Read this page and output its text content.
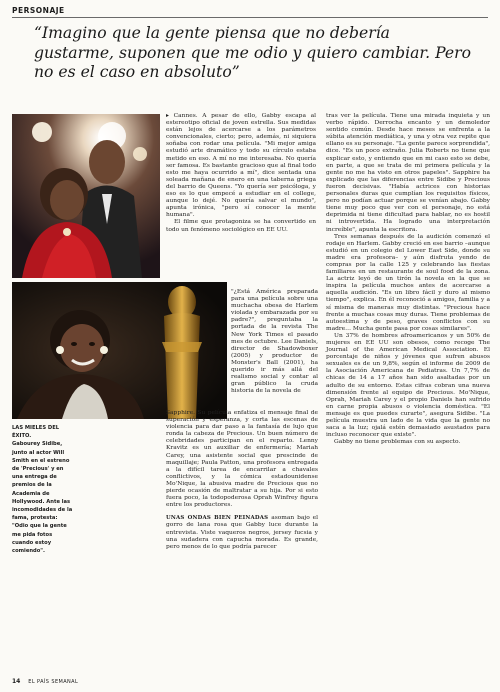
PERSONAJE
“Imagino que la gente piensa que no debería gustarme, suponen que me odio y quiero cambiar. Pero no es el caso en absoluto”
LAS MIELES DEL ÉXITO.
Gabourey Sidibe, junto al actor Will Smith en el estreno de 'Precious' y en una entrega de premios de la Academia de Hollywood. Ante las incomodidades de la fama, protesta: "Odio que la gente me pida fotos cuando estoy comiendo".

▸ Cannes. A pesar de ello, Gabby escapa al estereotipo oficial de joven estrella. Sus medidas están lejos de acercarse a los parámetros convencionales, cierto; pero, además, ni siquiera soñaba con rodar una película. "Mi mejor amiga estudió arte dramático y todo su círculo estaba metido en eso. A mí no me interesaba. No quería ser famosa. Es bastante gracioso que al final todo esto me haya ocurrido a mí", dice sentada una soleada mañana de enero en una taberna griega del barrio de Queens. "Yo quería ser psicóloga, y eso es lo que empecé a estudiar en el college, aunque lo dejé. No quería salvar el mundo", apunta irónica, "pero sí conocer la mente humana".

El filme que protagoniza se ha convertido en todo un fenómeno sociológico en EE UU.

"¿Está América preparada para una película sobre una muchacha obesa de Harlem violada y embarazada por su padre?", preguntaba la portada de la revista The New York Times el pasado mes de octubre. Lee Daniels, director de Shadowboxer (2005) y productor de Monster's Ball (2001), ha querido ir más allá del realismo social y contar al gran público la cruda historia de la novela de

Sapphire. Su película enfatiza el mensaje final de superación y esperanza, y corta las escenas de violencia para dar paso a la fantasía de lujo que ronda la cabeza de Precious. Un buen número de celebridades participan en el reparto. Lenny Kravitz es un auxiliar de enfermería; Mariah Carey, una asistente social que prescinde de maquillaje; Paula Patton, una profesora entregada a la difícil tarea de encarrilar a chavales conflictivos, y la cómica estadounidense Mo'Nique, la abusiva madre de Precious que no pierde ocasión de maltratar a su hija. Por si esto fuera poco, la todopoderosa Oprah Winfrey figura entre los productores.

UNAS ONDAS BIEN PEINADAS asoman bajo el gorro de lana rosa que Gabby luce durante la entrevista. Viste vaqueros negros, jersey fucsia y una sudadera con capucha morada. Es grande, pero menos de lo que podría parecer

tras ver la película. Tiene una mirada inquieta y un verbo rápido. Derrocha encanto y un demoledor sentido común. Desde hace meses se enfrenta a la súbita atención mediática, y una y otra vez repite que ellano es su personaje. "La gente parece sorprendida", dice. "Es un poco extraño. Julia Roberts no tiene que explicar esto, y entiendo que en mi caso esto se debe, en parte, a que se trata de mi primera película y la gente no me ha visto en otros papeles". Sapphire ha explicado que las diferencias entre Sidibe y Precious fueron decisivas. "Había actrices con historias personales duras que cumplían los requisitos físicos, pero no podían actuar porque se venían abajo. Gabby tiene muy poco que ver con el personaje, no está deprimida ni tiene dificultad para hablar, no es hostil ni introvertida. Ha logrado una interpretación increíble", apunta la escritora.

Tres semanas después de la audición comenzó el rodaje en Harlem. Gabby creció en ese barrio –aunque estudió en un colegio del Lower East Side, donde su madre era profesora– y aún disfruta yendo de compras por la calle 125 y celebrando las fiestas familiares en un restaurante de soul food de la zona. La actriz leyó de un tirón la novela en la que se inspira la película muchos antes de acercarse a aquella audición. "Es un libro fácil y duro al mismo tiempo", explica. En él reconoció a amigos, familia y a sí misma de maneras muy distintas. "Precious hace frente a muchas cosas muy duras. Tiene problemas de autoestima y de peso, graves conflictos con su madre… Mucha gente pasa por cosas similares".

Un 37% de hombres afroamericanos y un 50% de mujeres en EE UU son obesos, como recoge The Journal of the American Medical Association. El porcentaje de niños y jóvenes que sufren abusos sexuales es de un 9,8%, según el informe de 2009 de la Asociación Americana de Pediatras. Un 7,7% de chicas de 14 a 17 años han sido asaltadas por un adulto de su entorno. Estas cifras cobran una nueva dimensión frente al equipo de Precious. Mo'Nique, Oprah, Mariah Carey y el propio Daniels han sufrido en carne propia abusos o violencia doméstica. "El mensaje es que puedes curarte", asegura Sidibe. "La película muestra un lado de la vida que la gente no saca a la luz; ojalá estén demasiado asustados para incluso reconocer que existe".

Gabby no tiene problemas con su aspecto.

14 EL PAÍS SEMANAL
